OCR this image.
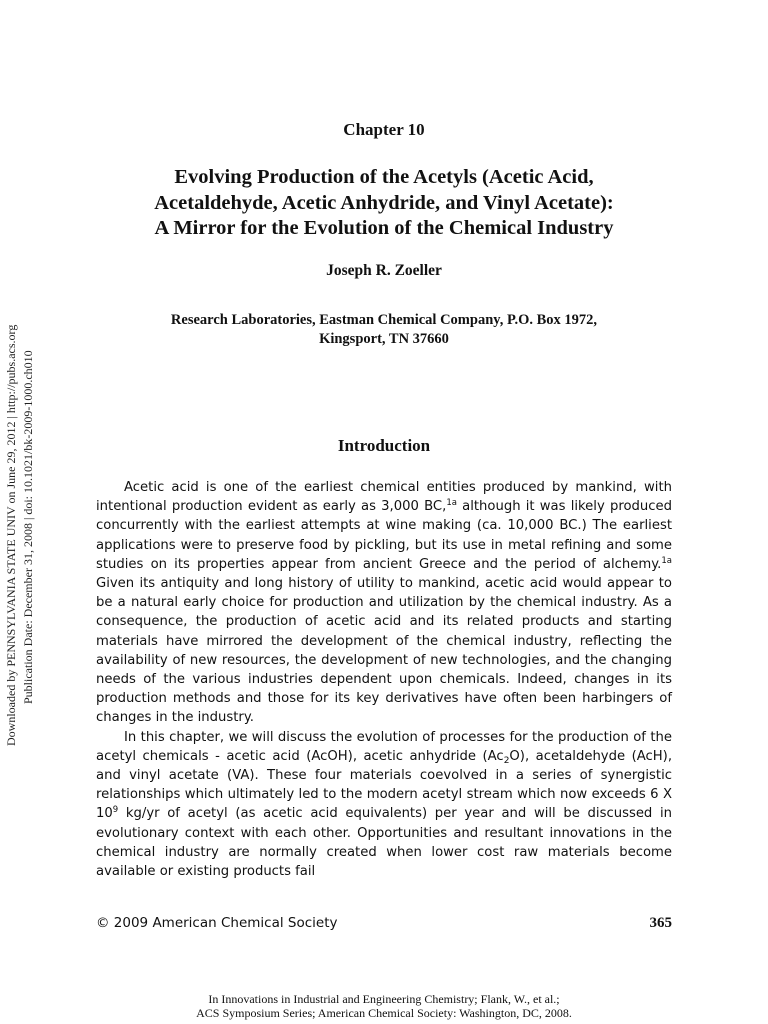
Downloaded by PENNSYLVANIA STATE UNIV on June 29, 2012 | http://pubs.acs.org Publication Date: December 31, 2008 | doi: 10.1021/bk-2009-1000.ch010
Chapter 10
Evolving Production of the Acetyls (Acetic Acid,
Acetaldehyde, Acetic Anhydride, and Vinyl Acetate):
A Mirror for the Evolution of the Chemical Industry
Joseph R. Zoeller
Research Laboratories, Eastman Chemical Company, P.O. Box 1972,
Kingsport, TN 37660
Introduction

Acetic acid is one of the earliest chemical entities produced by mankind, with intentional production evident as early as 3,000 BC,$^{1a}$ although it was likely produced concurrently with the earliest attempts at wine making (ca. 10,000 BC.) The earliest applications were to preserve food by pickling, but its use in metal refining and some studies on its properties appear from ancient Greece and the period of alchemy.$^{1a}$ Given its antiquity and long history of utility to mankind, acetic acid would appear to be a natural early choice for production and utilization by the chemical industry. As a consequence, the production of acetic acid and its related products and starting materials have mirrored the development of the chemical industry, reflecting the availability of new resources, the development of new technologies, and the changing needs of the various industries dependent upon chemicals. Indeed, changes in its production methods and those for its key derivatives have often been harbingers of changes in the industry.

In this chapter, we will discuss the evolution of processes for the production of the acetyl chemicals - acetic acid (AcOH), acetic anhydride $(Ac_2O)$, acetaldehyde (AcH), and vinyl acetate (VA). These four materials coevolved in a series of synergistic relationships which ultimately led to the modern acetyl stream which now exceeds 6 X $10^9$ kg/yr of acetyl (as acetic acid equivalents) per year and will be discussed in evolutionary context with each other. Opportunities and resultant innovations in the chemical industry are normally created when lower cost raw materials become available or existing products fail

© 2009 American Chemical Society	365
In Innovations in Industrial and Engineering Chemistry; Flank, W., et al.;
ACS Symposium Series; American Chemical Society: Washington, DC, 2008.
